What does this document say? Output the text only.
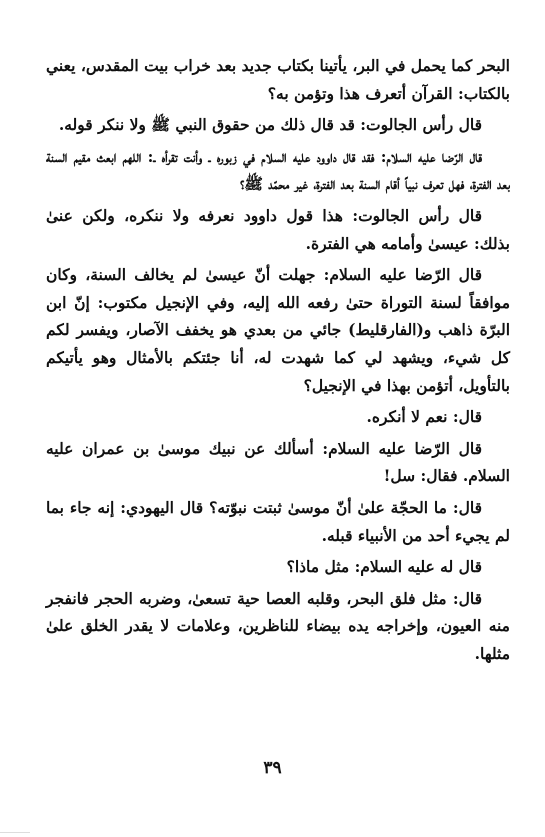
البحر كما يحمل في البر، يأتينا بكتاب جديد بعد خراب بيت المقدس، يعني بالكتاب: القرآن أتعرف هذا وتؤمن به؟

قال رأس الجالوت: قد قال ذلك من حقوق النبي ﷺ ولا ننكر قوله.

قال الرّضا عليه السلام: فقد قال داوود عليه السلام في زبوره ـ وأنت تقرأه ـ: اللهم ابعث مقيم السنة بعد الفترة، فهل تعرف نبياً أقام السنة بعد الفترة، غير محمّد ﷺ؟

قال رأس الجالوت: هذا قول داوود نعرفه ولا ننكره، ولكن عنىٰ بذلك: عيسىٰ وأمامه هي الفترة.

قال الرّضا عليه السلام: جهلت أنّ عيسىٰ لم يخالف السنة، وكان موافقاً لسنة التوراة حتىٰ رفعه الله إليه، وفي الإنجيل مكتوب: إنّ ابن البرّة ذاهب و(الفارقليط) جائي من بعدي هو يخفف الآصار، ويفسر لكم كل شيء، ويشهد لي كما شهدت له، أنا جئتكم بالأمثال وهو يأتيكم بالتأويل، أتؤمن بهذا في الإنجيل؟

قال: نعم لا أنكره.

قال الرّضا عليه السلام: أسألك عن نبيك موسىٰ بن عمران عليه السلام. فقال: سل!

قال: ما الحجّة علىٰ أنّ موسىٰ ثبتت نبوّته؟ قال اليهودي: إنه جاء بما لم يجيء أحد من الأنبياء قبله.

قال له عليه السلام: مثل ماذا؟

قال: مثل فلق البحر، وقلبه العصا حية تسعىٰ، وضربه الحجر فانفجر منه العيون، وإخراجه يده بيضاء للناظرين، وعلامات لا يقدر الخلق علىٰ مثلها.

٣٩
